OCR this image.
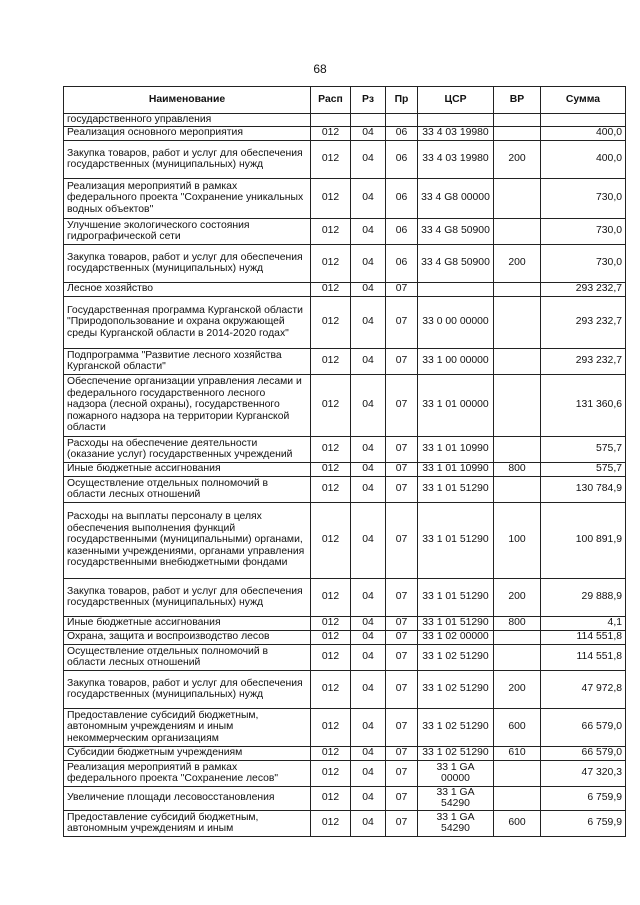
68
Наименование	Расп	Рз	Пр	ЦСР	ВР	Сумма
государственного управления						
Реализация основного мероприятия	012	04	06	33 4 03 19980		400,0
Закупка товаров, работ и услуг для обеспечения государственных (муниципальных) нужд	012	04	06	33 4 03 19980	200	400,0
Реализация мероприятий в рамках федерального проекта "Сохранение уникальных водных объектов"	012	04	06	33 4 G8 00000		730,0
Улучшение экологического состояния гидрографической сети	012	04	06	33 4 G8 50900		730,0
Закупка товаров, работ и услуг для обеспечения государственных (муниципальных) нужд	012	04	06	33 4 G8 50900	200	730,0
Лесное хозяйство	012	04	07			293 232,7
Государственная программа Курганской области "Природопользование и охрана окружающей среды Курганской области в 2014-2020 годах"	012	04	07	33 0 00 00000		293 232,7
Подпрограмма "Развитие лесного хозяйства Курганской области"	012	04	07	33 1 00 00000		293 232,7
Обеспечение организации управления лесами и федерального государственного лесного надзора (лесной охраны), государственного пожарного надзора на территории Курганской области	012	04	07	33 1 01 00000		131 360,6
Расходы на обеспечение деятельности (оказание услуг) государственных учреждений	012	04	07	33 1 01 10990		575,7
Иные бюджетные ассигнования	012	04	07	33 1 01 10990	800	575,7
Осуществление отдельных полномочий в области лесных отношений	012	04	07	33 1 01 51290		130 784,9
Расходы на выплаты персоналу в целях обеспечения выполнения функций государственными (муниципальными) органами, казенными учреждениями, органами управления государственными внебюджетными фондами	012	04	07	33 1 01 51290	100	100 891,9
Закупка товаров, работ и услуг для обеспечения государственных (муниципальных) нужд	012	04	07	33 1 01 51290	200	29 888,9
Иные бюджетные ассигнования	012	04	07	33 1 01 51290	800	4,1
Охрана, защита и воспроизводство лесов	012	04	07	33 1 02 00000		114 551,8
Осуществление отдельных полномочий в области лесных отношений	012	04	07	33 1 02 51290		114 551,8
Закупка товаров, работ и услуг для обеспечения государственных (муниципальных) нужд	012	04	07	33 1 02 51290	200	47 972,8
Предоставление субсидий бюджетным, автономным учреждениям и иным некоммерческим организациям	012	04	07	33 1 02 51290	600	66 579,0
Субсидии бюджетным учреждениям	012	04	07	33 1 02 51290	610	66 579,0
Реализация мероприятий в рамках федерального проекта "Сохранение лесов"	012	04	07	33 1 GA 00000		47 320,3
Увеличение площади лесовосстановления	012	04	07	33 1 GA 54290		6 759,9
Предоставление субсидий бюджетным, автономным учреждениям и иным	012	04	07	33 1 GA 54290	600	6 759,9
